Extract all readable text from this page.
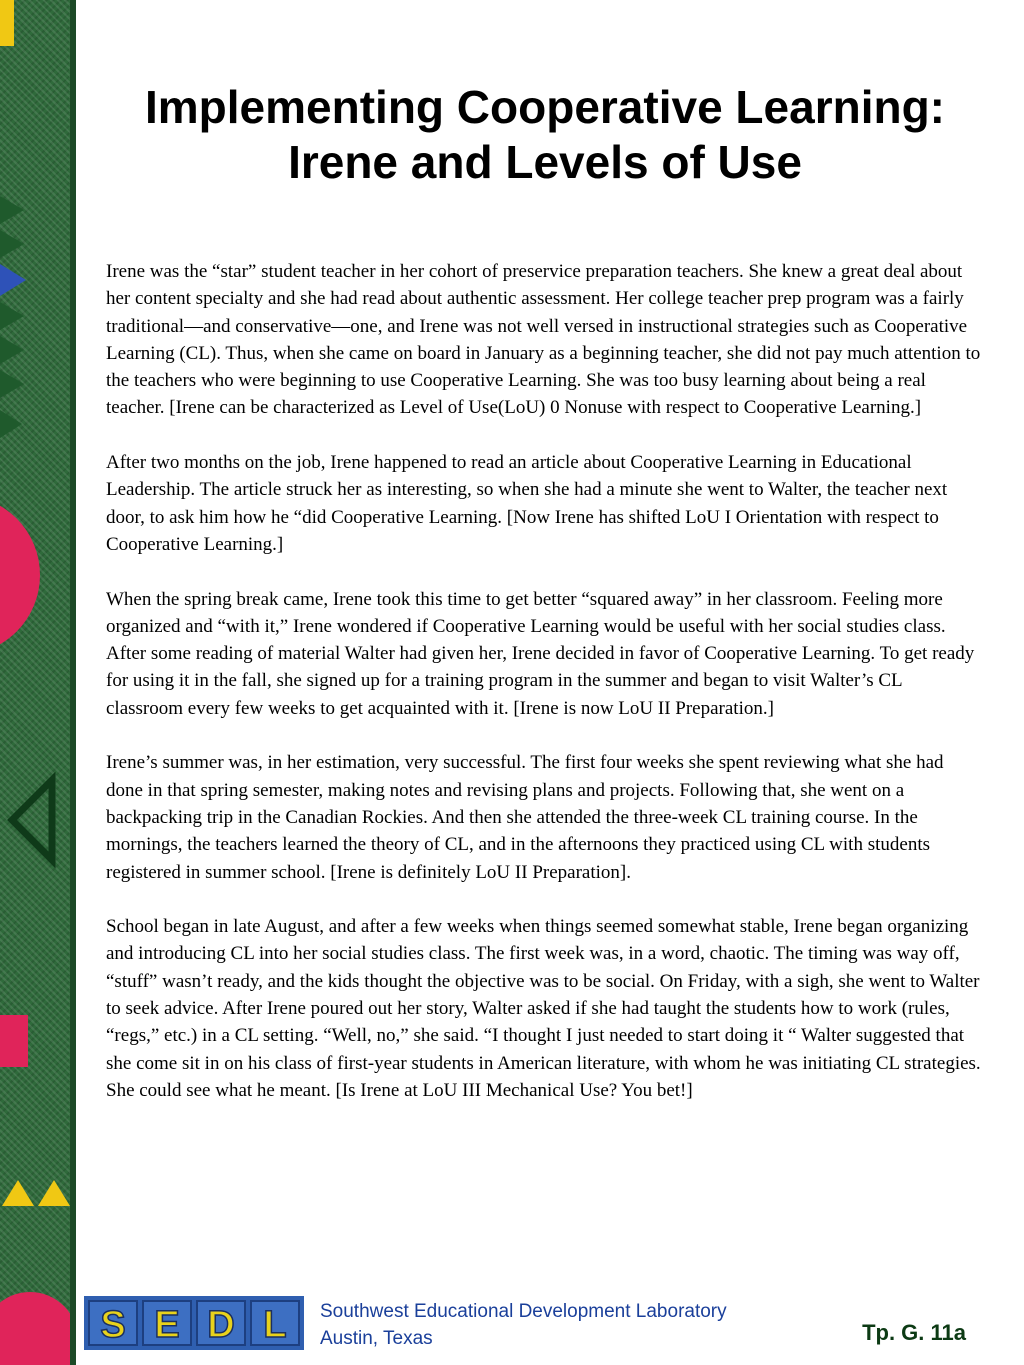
Implementing Cooperative Learning: Irene and Levels of Use

Irene was the “star” student teacher in her cohort of preservice preparation teachers. She knew a great deal about her content specialty and she had read about authentic assessment. Her college teacher prep program was a fairly traditional—and conservative—one, and Irene was not well versed in instructional strategies such as Cooperative Learning (CL). Thus, when she came on board in January as a beginning teacher, she did not pay much attention to the teachers who were beginning to use Cooperative Learning. She was too busy learning about being a real teacher. [Irene can be characterized as Level of Use(LoU) 0 Nonuse with respect to Cooperative Learning.]

After two months on the job, Irene happened to read an article about Cooperative Learning in Educational Leadership. The article struck her as interesting, so when she had a minute she went to Walter, the teacher next door, to ask him how he “did Cooperative Learning. [Now Irene has shifted LoU I Orientation with respect to Cooperative Learning.]

When the spring break came, Irene took this time to get better “squared away” in her classroom. Feeling more organized and “with it,” Irene wondered if Cooperative Learning would be useful with her social studies class. After some reading of material Walter had given her, Irene decided in favor of Cooperative Learning. To get ready for using it in the fall, she signed up for a training program in the summer and began to visit Walter’s CL classroom every few weeks to get acquainted with it. [Irene is now LoU II Preparation.]

Irene’s summer was, in her estimation, very successful. The first four weeks she spent reviewing what she had done in that spring semester, making notes and revising plans and projects. Following that, she went on a backpacking trip in the Canadian Rockies. And then she attended the three-week CL training course. In the mornings, the teachers learned the theory of CL, and in the afternoons they practiced using CL with students registered in summer school. [Irene is definitely LoU II Preparation].

School began in late August, and after a few weeks when things seemed somewhat stable, Irene began organizing and introducing CL into her social studies class. The first week was, in a word, chaotic. The timing was way off, “stuff” wasn’t ready, and the kids thought the objective was to be social. On Friday, with a sigh, she went to Walter to seek advice. After Irene poured out her story, Walter asked if she had taught the students how to work (rules, “regs,” etc.) in a CL setting. “Well, no,” she said. “I thought I just needed to start doing it “ Walter suggested that she come sit in on his class of first-year students in American literature, with whom he was initiating CL strategies. She could see what he meant. [Is Irene at LoU III Mechanical Use? You bet!]

S E D L Southwest Educational Development Laboratory
Austin, Texas	Tp. G. 11a
